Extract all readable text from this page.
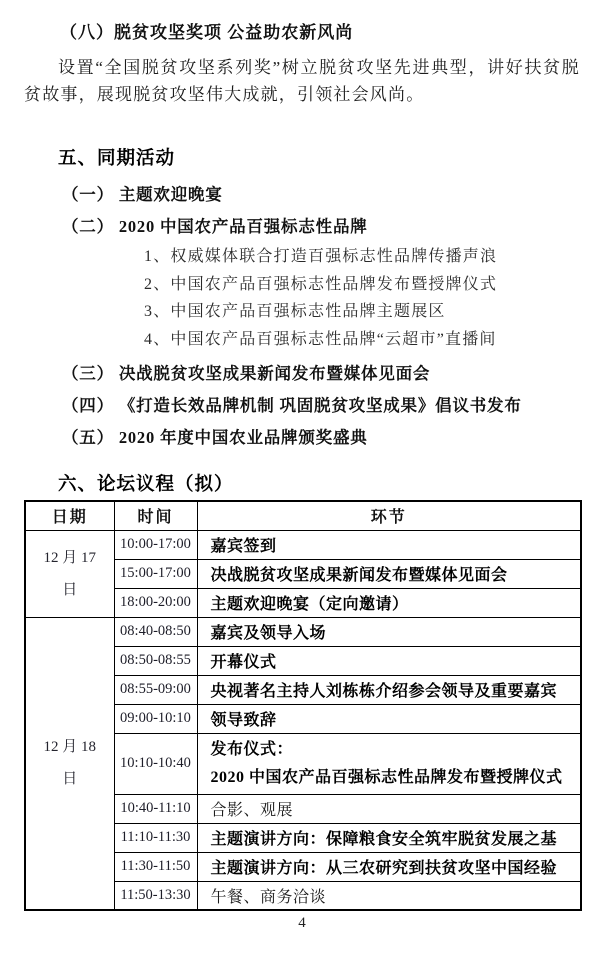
（八）脱贫攻坚奖项 公益助农新风尚
设置“全国脱贫攻坚系列奖”树立脱贫攻坚先进典型，讲好扶贫脱贫故事，展现脱贫攻坚伟大成就，引领社会风尚。
五、同期活动
（一） 主题欢迎晚宴
（二） 2020 中国农产品百强标志性品牌
1、权威媒体联合打造百强标志性品牌传播声浪
2、中国农产品百强标志性品牌发布暨授牌仪式
3、中国农产品百强标志性品牌主题展区
4、中国农产品百强标志性品牌“云超市”直播间
（三） 决战脱贫攻坚成果新闻发布暨媒体见面会
（四） 《打造长效品牌机制 巩固脱贫攻坚成果》倡议书发布
（五） 2020 年度中国农业品牌颁奖盛典
六、论坛议程（拟）
日期	时间	环节

12 月 17
日	10:00-17:00	嘉宾签到
	15:00-17:00	决战脱贫攻坚成果新闻发布暨媒体见面会
	18:00-20:00	主题欢迎晚宴（定向邀请）

12 月 18
日	08:40-08:50	嘉宾及领导入场
	08:50-08:55	开幕仪式
	08:55-09:00	央视著名主持人刘栋栋介绍参会领导及重要嘉宾
	09:00-10:10	领导致辞
	10:10-10:40	发布仪式：
2020 中国农产品百强标志性品牌发布暨授牌仪式

	10:40-11:10	合影、观展
	11:10-11:30	主题演讲方向：保障粮食安全筑牢脱贫发展之基
	11:30-11:50	主题演讲方向：从三农研究到扶贫攻坚中国经验
	11:50-13:30	午餐、商务洽谈
4
